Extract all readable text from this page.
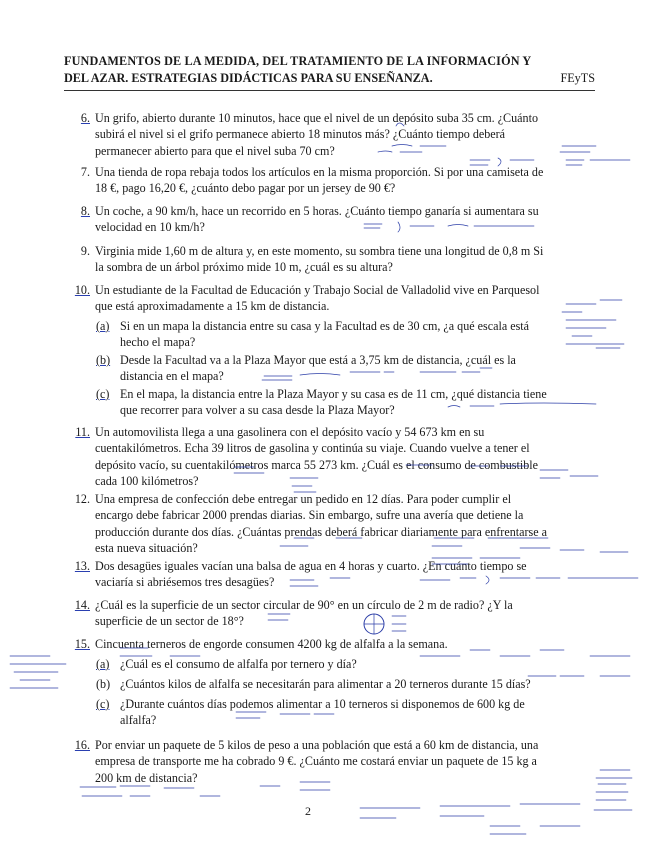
FUNDAMENTOS DE LA MEDIDA, DEL TRATAMIENTO DE LA INFORMACIÓN Y
DEL AZAR. ESTRATEGIAS DIDÁCTICAS PARA SU ENSEÑANZA.	FEyTS
6. Un grifo, abierto durante 10 minutos, hace que el nivel de un depósito suba 35 cm. ¿Cuánto subirá el nivel si el grifo permanece abierto 18 minutos más? ¿Cuánto tiempo deberá permanecer abierto para que el nivel suba 70 cm?
7. Una tienda de ropa rebaja todos los artículos en la misma proporción. Si por una camiseta de 18 €, pago 16,20 €, ¿cuánto debo pagar por un jersey de 90 €?
8. Un coche, a 90 km/h, hace un recorrido en 5 horas. ¿Cuánto tiempo ganaría si aumentara su velocidad en 10 km/h?
9. Virginia mide 1,60 m de altura y, en este momento, su sombra tiene una longitud de 0,8 m Si la sombra de un árbol próximo mide 10 m, ¿cuál es su altura?
10. Un estudiante de la Facultad de Educación y Trabajo Social de Valladolid vive en Parquesol que está aproximadamente a 15 km de distancia.
(a) Si en un mapa la distancia entre su casa y la Facultad es de 30 cm, ¿a qué escala está hecho el mapa?
(b) Desde la Facultad va a la Plaza Mayor que está a 3,75 km de distancia, ¿cuál es la distancia en el mapa?
(c) En el mapa, la distancia entre la Plaza Mayor y su casa es de 11 cm, ¿qué distancia tiene que recorrer para volver a su casa desde la Plaza Mayor?
11. Un automovilista llega a una gasolinera con el depósito vacío y 54 673 km en su cuentakilómetros. Echa 39 litros de gasolina y continúa su viaje. Cuando vuelve a tener el depósito vacío, su cuentakilómetros marca 55 273 km. ¿Cuál es el consumo de combustible cada 100 kilómetros?
12. Una empresa de confección debe entregar un pedido en 12 días. Para poder cumplir el encargo debe fabricar 2000 prendas diarias. Sin embargo, sufre una avería que detiene la producción durante dos días. ¿Cuántas prendas deberá fabricar diariamente para enfrentarse a esta nueva situación?
13. Dos desagües iguales vacían una balsa de agua en 4 horas y cuarto. ¿En cuánto tiempo se vaciaría si abriésemos tres desagües?
14. ¿Cuál es la superficie de un sector circular de 90° en un círculo de 2 m de radio? ¿Y la superficie de un sector de 18°?
15. Cincuenta terneros de engorde consumen 4200 kg de alfalfa a la semana.
(a) ¿Cuál es el consumo de alfalfa por ternero y día?
(b) ¿Cuántos kilos de alfalfa se necesitarán para alimentar a 20 terneros durante 15 días?
(c) ¿Durante cuántos días podemos alimentar a 10 terneros si disponemos de 600 kg de alfalfa?
16. Por enviar un paquete de 5 kilos de peso a una población que está a 60 km de distancia, una empresa de transporte me ha cobrado 9 €. ¿Cuánto me costará enviar un paquete de 15 kg a 200 km de distancia?
2
